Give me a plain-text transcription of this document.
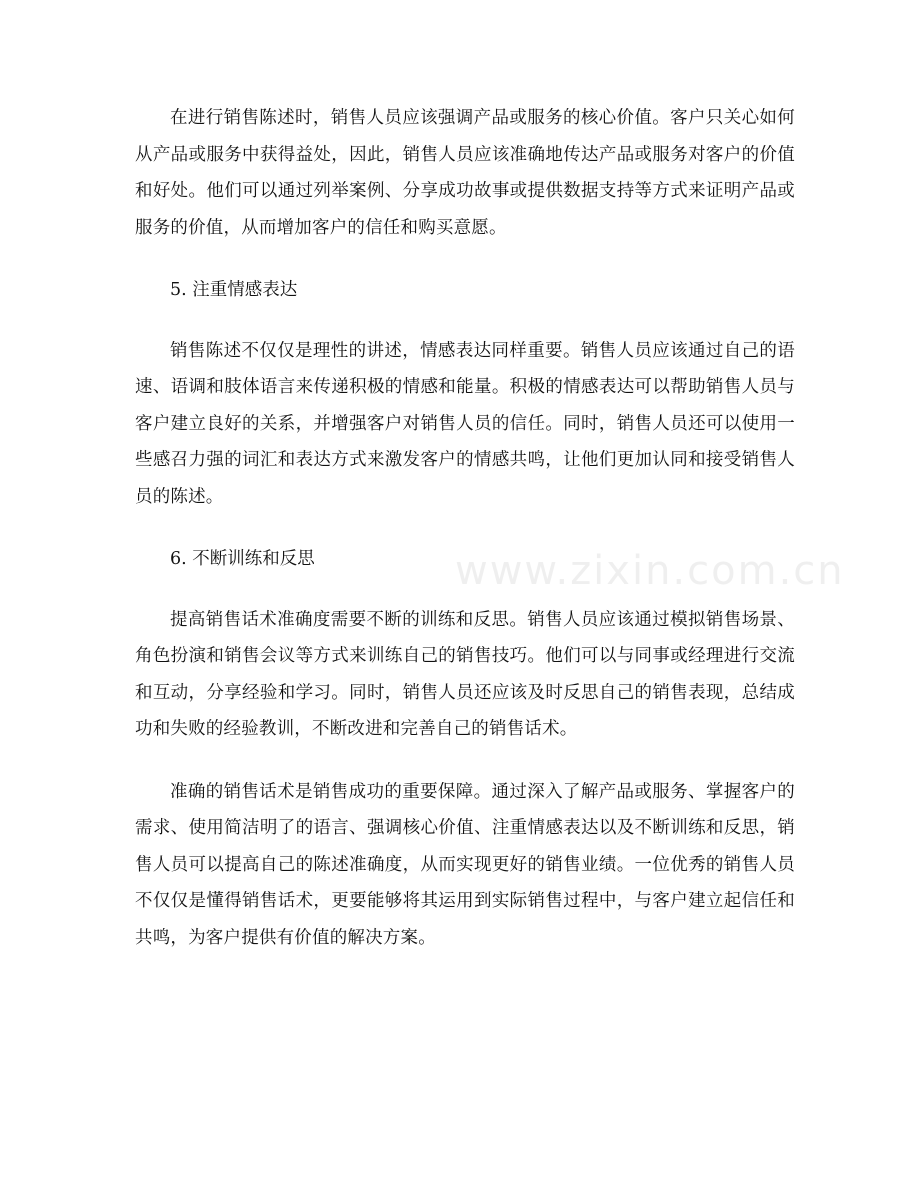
在进行销售陈述时，销售人员应该强调产品或服务的核心价值。客户只关心如何从产品或服务中获得益处，因此，销售人员应该准确地传达产品或服务对客户的价值和好处。他们可以通过列举案例、分享成功故事或提供数据支持等方式来证明产品或服务的价值，从而增加客户的信任和购买意愿。

5. 注重情感表达

销售陈述不仅仅是理性的讲述，情感表达同样重要。销售人员应该通过自己的语速、语调和肢体语言来传递积极的情感和能量。积极的情感表达可以帮助销售人员与客户建立良好的关系，并增强客户对销售人员的信任。同时，销售人员还可以使用一些感召力强的词汇和表达方式来激发客户的情感共鸣，让他们更加认同和接受销售人员的陈述。

6. 不断训练和反思

提高销售话术准确度需要不断的训练和反思。销售人员应该通过模拟销售场景、角色扮演和销售会议等方式来训练自己的销售技巧。他们可以与同事或经理进行交流和互动，分享经验和学习。同时，销售人员还应该及时反思自己的销售表现，总结成功和失败的经验教训，不断改进和完善自己的销售话术。

准确的销售话术是销售成功的重要保障。通过深入了解产品或服务、掌握客户的需求、使用简洁明了的语言、强调核心价值、注重情感表达以及不断训练和反思，销售人员可以提高自己的陈述准确度，从而实现更好的销售业绩。一位优秀的销售人员不仅仅是懂得销售话术，更要能够将其运用到实际销售过程中，与客户建立起信任和共鸣，为客户提供有价值的解决方案。

www.zixin.com.cn
